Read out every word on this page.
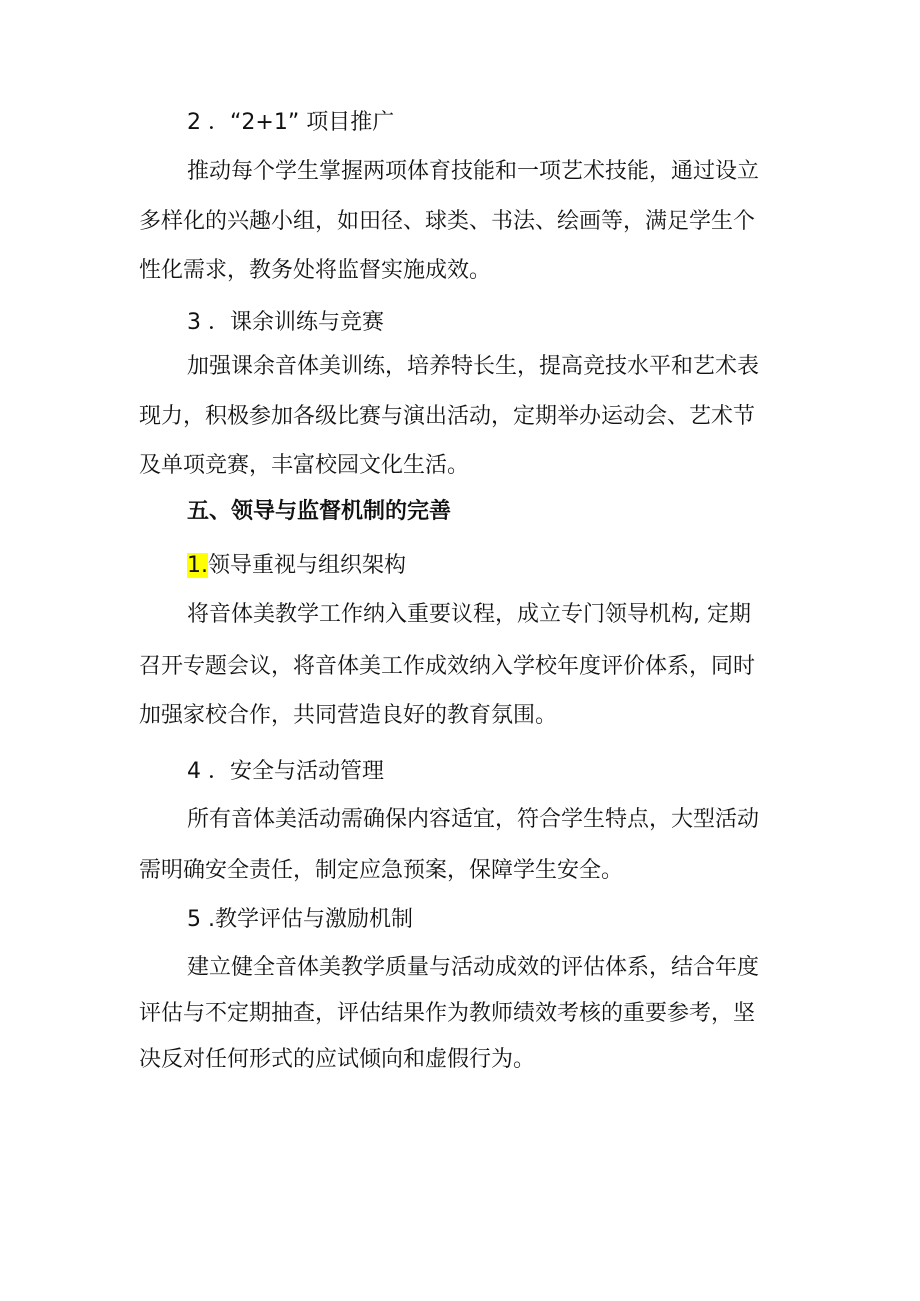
2 ．“2+1” 项目推广
推动每个学生掌握两项体育技能和一项艺术技能，通过设立
多样化的兴趣小组，如田径、球类、书法、绘画等，满足学生个
性化需求，教务处将监督实施成效。
3 ．课余训练与竞赛
加强课余音体美训练，培养特长生，提高竞技水平和艺术表
现力，积极参加各级比赛与演出活动，定期举办运动会、艺术节
及单项竞赛，丰富校园文化生活。
五、领导与监督机制的完善
1.领导重视与组织架构
将音体美教学工作纳入重要议程，成立专门领导机构, 定期
召开专题会议，将音体美工作成效纳入学校年度评价体系，同时
加强家校合作，共同营造良好的教育氛围。
4 ．安全与活动管理
所有音体美活动需确保内容适宜，符合学生特点，大型活动
需明确安全责任，制定应急预案，保障学生安全。
5 .教学评估与激励机制
建立健全音体美教学质量与活动成效的评估体系，结合年度
评估与不定期抽查，评估结果作为教师绩效考核的重要参考，坚
决反对任何形式的应试倾向和虚假行为。
